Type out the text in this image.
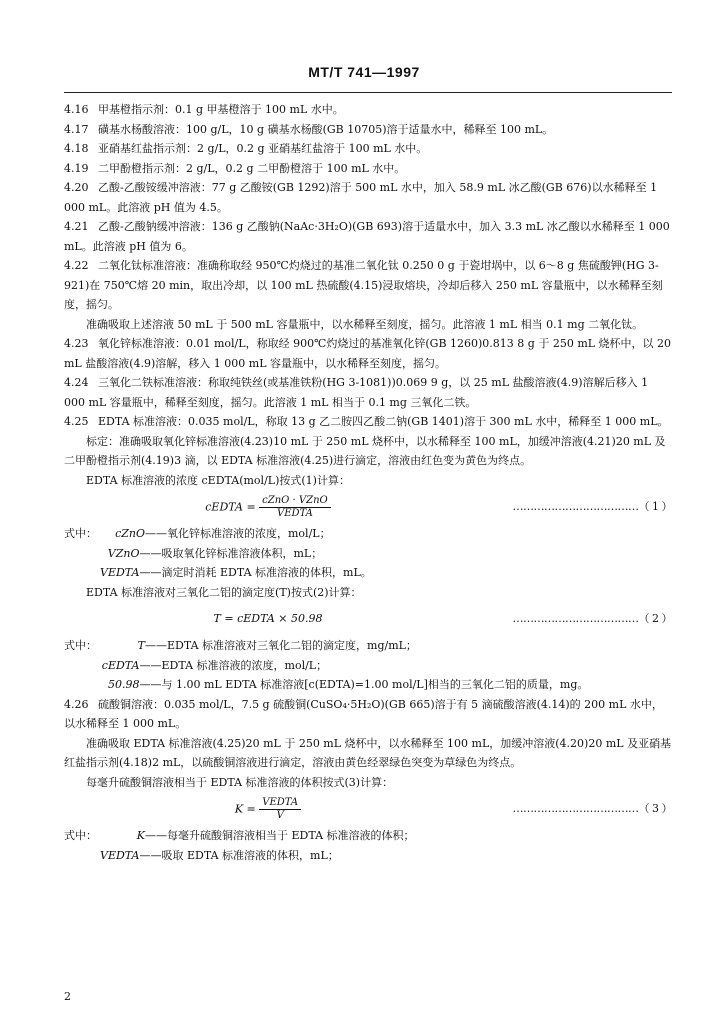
MT/T 741—1997

4.16 甲基橙指示剂：0.1 g 甲基橙溶于 100 mL 水中。

4.17 磺基水杨酸溶液：100 g/L，10 g 磺基水杨酸(GB 10705)溶于适量水中，稀释至 100 mL。

4.18 亚硝基红盐指示剂：2 g/L，0.2 g 亚硝基红盐溶于 100 mL 水中。

4.19 二甲酚橙指示剂：2 g/L，0.2 g 二甲酚橙溶于 100 mL 水中。

4.20 乙酸-乙酸铵缓冲溶液：77 g 乙酸铵(GB 1292)溶于 500 mL 水中，加入 58.9 mL 冰乙酸(GB 676)以水稀释至 1 000 mL。此溶液 pH 值为 4.5。

4.21 乙酸-乙酸钠缓冲溶液：136 g 乙酸钠(NaAc·3H₂O)(GB 693)溶于适量水中，加入 3.3 mL 冰乙酸以水稀释至 1 000 mL。此溶液 pH 值为 6。

4.22 二氧化钛标准溶液：准确称取经 950℃灼烧过的基准二氧化钛 0.250 0 g 于瓷坩埚中，以 6～8 g 焦硫酸钾(HG 3-921)在 750℃熔 20 min，取出冷却，以 100 mL 热硫酸(4.15)浸取熔块，冷却后移入 250 mL 容量瓶中，以水稀释至刻度，摇匀。

准确吸取上述溶液 50 mL 于 500 mL 容量瓶中，以水稀释至刻度，摇匀。此溶液 1 mL 相当 0.1 mg 二氧化钛。

4.23 氧化锌标准溶液：0.01 mol/L，称取经 900℃灼烧过的基准氧化锌(GB 1260)0.813 8 g 于 250 mL 烧杯中，以 20 mL 盐酸溶液(4.9)溶解，移入 1 000 mL 容量瓶中，以水稀释至刻度，摇匀。

4.24 三氧化二铁标准溶液：称取纯铁丝(或基准铁粉(HG 3-1081))0.069 9 g，以 25 mL 盐酸溶液(4.9)溶解后移入 1 000 mL 容量瓶中，稀释至刻度，摇匀。此溶液 1 mL 相当于 0.1 mg 三氧化二铁。

4.25 EDTA 标准溶液：0.035 mol/L，称取 13 g 乙二胺四乙酸二钠(GB 1401)溶于 300 mL 水中，稀释至 1 000 mL。

标定：准确吸取氧化锌标准溶液(4.23)10 mL 于 250 mL 烧杯中，以水稀释至 100 mL，加缓冲溶液(4.21)20 mL 及二甲酚橙指示剂(4.19)3 滴，以 EDTA 标准溶液(4.25)进行滴定，溶液由红色变为黄色为终点。

EDTA 标准溶液的浓度 cEDTA(mol/L)按式(1)计算：

cEDTA = $\frac{\text{cZnO · VZnO}}{\text{VEDTA}}$	………………………………（ 1 ）

式中： cZnO——氧化锌标准溶液的浓度，mol/L；

VZnO——吸取氧化锌标准溶液体积，mL；

VEDTA——滴定时消耗 EDTA 标准溶液的体积，mL。

EDTA 标准溶液对三氧化二铝的滴定度(T)按式(2)计算：

T = cEDTA × 50.98	………………………………（ 2 ）

式中：	T——EDTA 标准溶液对三氧化二铝的滴定度，mg/mL；

cEDTA——EDTA 标准溶液的浓度，mol/L；

50.98——与 1.00 mL EDTA 标准溶液[c(EDTA)=1.00 mol/L]相当的三氧化二铝的质量，mg。

4.26 硫酸铜溶液：0.035 mol/L，7.5 g 硫酸铜(CuSO₄·5H₂O)(GB 665)溶于有 5 滴硫酸溶液(4.14)的 200 mL 水中，以水稀释至 1 000 mL。

准确吸取 EDTA 标准溶液(4.25)20 mL 于 250 mL 烧杯中，以水稀释至 100 mL，加缓冲溶液(4.20)20 mL 及亚硝基红盐指示剂(4.18)2 mL，以硫酸铜溶液进行滴定，溶液由黄色经翠绿色突变为草绿色为终点。

每毫升硫酸铜溶液相当于 EDTA 标准溶液的体积按式(3)计算：

$K = \frac{\text{VEDTA}}{V}$	………………………………（ 3 ）

式中：	K——每毫升硫酸铜溶液相当于 EDTA 标准溶液的体积；

VEDTA——吸取 EDTA 标准溶液的体积，mL；

2
